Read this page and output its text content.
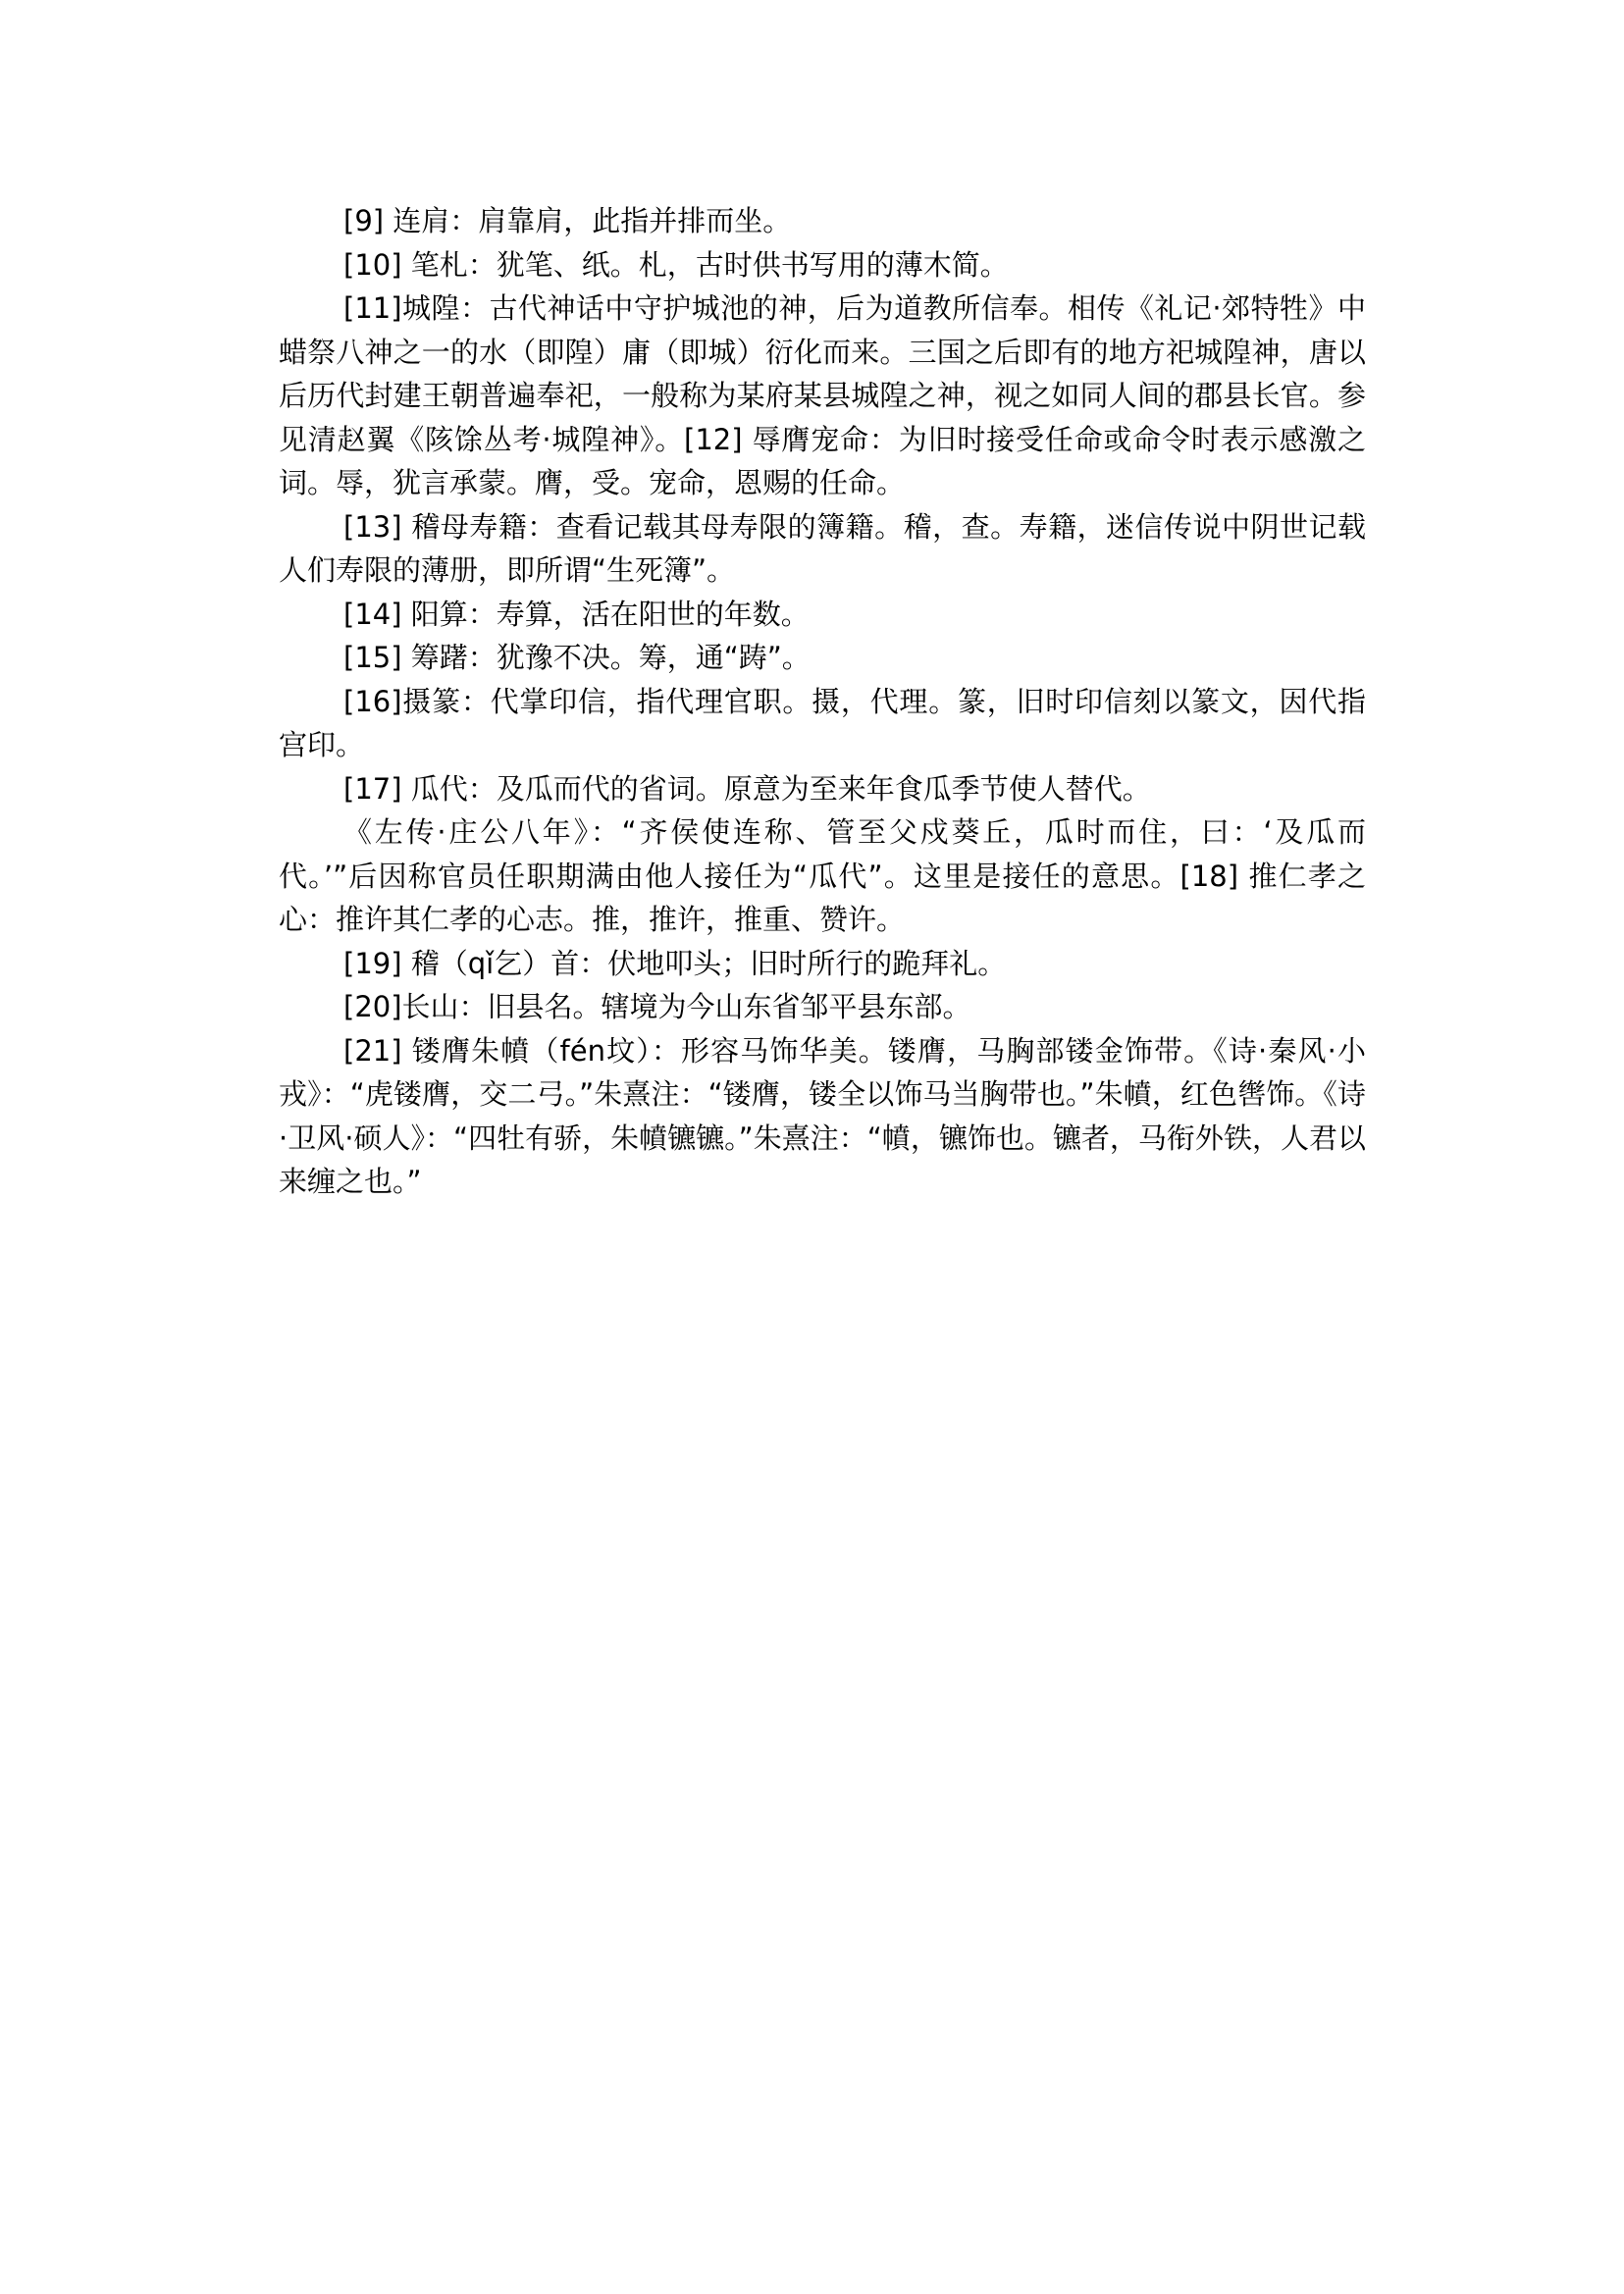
[9] 连肩：肩靠肩，此指并排而坐。

[10] 笔札：犹笔、纸。札，古时供书写用的薄木简。

[11]城隍：古代神话中守护城池的神，后为道教所信奉。相传《礼记·郊特牲》中蜡祭八神之一的水（即隍）庸（即城）衍化而来。三国之后即有的地方祀城隍神，唐以后历代封建王朝普遍奉祀，一般称为某府某县城隍之神，视之如同人间的郡县长官。参见清赵翼《陔馀丛考·城隍神》。[12] 辱膺宠命：为旧时接受任命或命令时表示感激之词。辱，犹言承蒙。膺，受。宠命，恩赐的任命。

[13] 稽母寿籍：查看记载其母寿限的簿籍。稽，查。寿籍，迷信传说中阴世记载人们寿限的薄册，即所谓“生死簿”。

[14] 阳算：寿算，活在阳世的年数。

[15] 筹躇：犹豫不决。筹，通“踌”。

[16]摄篆：代掌印信，指代理官职。摄，代理。篆，旧时印信刻以篆文，因代指宫印。

[17] 瓜代：及瓜而代的省词。原意为至来年食瓜季节使人替代。

《左传·庄公八年》：“齐侯使连称、管至父戍葵丘，瓜时而住，曰：‘及瓜而代。’”后因称官员任职期满由他人接任为“瓜代”。这里是接任的意思。[18] 推仁孝之心：推许其仁孝的心志。推，推许，推重、赞许。

[19] 稽（qǐ乞）首：伏地叩头；旧时所行的跪拜礼。

[20]长山：旧县名。辖境为今山东省邹平县东部。

[21] 镂膺朱幩（fén坟）：形容马饰华美。镂膺，马胸部镂金饰带。《诗·秦风·小戎》：“虎镂膺，交二弓。”朱熹注：“镂膺，镂全以饰马当胸带也。”朱幩，红色辔饰。《诗·卫风·硕人》：“四牡有骄，朱幩镳镳。”朱熹注：“幩，镳饰也。镳者，马衔外铁，人君以来缠之也。”
